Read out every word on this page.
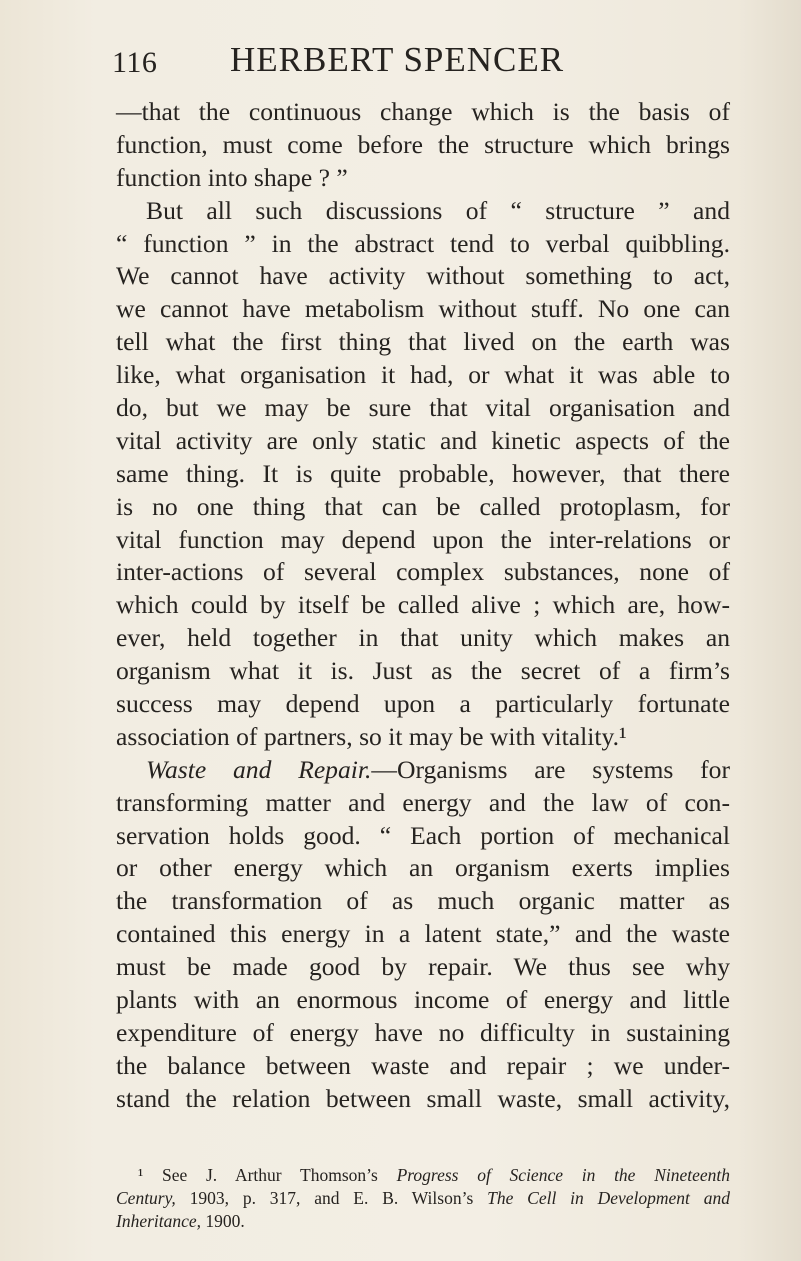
116 HERBERT SPENCER
—that the continuous change which is the basis of
function, must come before the structure which brings
function into shape ? ”
But all such discussions of “ structure ” and
“ function ” in the abstract tend to verbal quibbling.
We cannot have activity without something to act,
we cannot have metabolism without stuff. No one can
tell what the first thing that lived on the earth was
like, what organisation it had, or what it was able to
do, but we may be sure that vital organisation and
vital activity are only static and kinetic aspects of the
same thing. It is quite probable, however, that there
is no one thing that can be called protoplasm, for
vital function may depend upon the inter-relations or
inter-actions of several complex substances, none of
which could by itself be called alive ; which are, how-
ever, held together in that unity which makes an
organism what it is. Just as the secret of a firm’s
success may depend upon a particularly fortunate
association of partners, so it may be with vitality.¹
Waste and Repair.—Organisms are systems for
transforming matter and energy and the law of con-
servation holds good. “ Each portion of mechanical
or other energy which an organism exerts implies
the transformation of as much organic matter as
contained this energy in a latent state,” and the waste
must be made good by repair. We thus see why
plants with an enormous income of energy and little
expenditure of energy have no difficulty in sustaining
the balance between waste and repair ; we under-
stand the relation between small waste, small activity,
¹ See J. Arthur Thomson’s Progress of Science in the Nineteenth
Century, 1903, p. 317, and E. B. Wilson’s The Cell in Development and
Inheritance, 1900.
